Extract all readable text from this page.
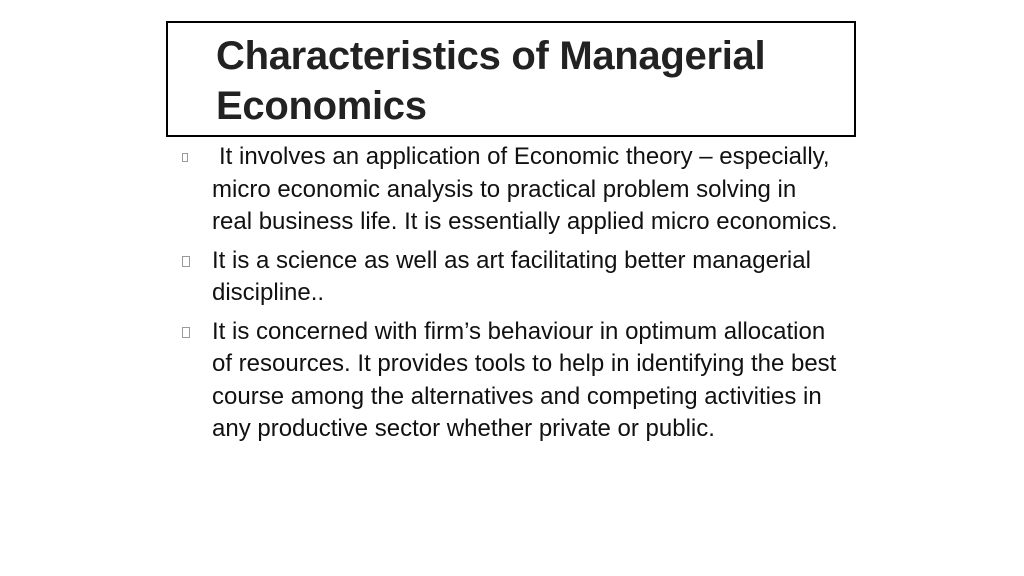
Characteristics of Managerial Economics
It involves an application of Economic theory – especially, micro economic analysis to practical problem solving in real business life. It is essentially applied micro economics.
It is a science as well as art facilitating better managerial discipline..
It is concerned with firm’s behaviour in optimum allocation of resources. It provides tools to help in identifying the best course among the alternatives and competing activities in any productive sector whether private or public.
